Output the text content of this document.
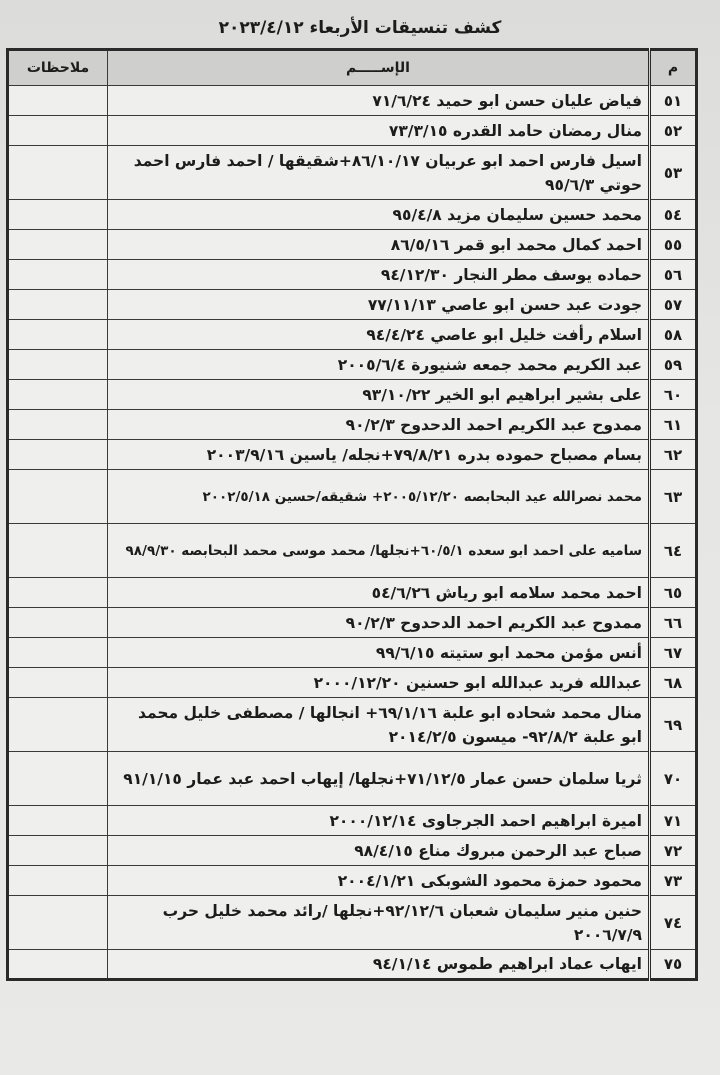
كشف تنسيقات الأربعاء ٢٠٢٣/٤/١٢
م	الإســـــم	ملاحظات
٥١	فياض عليان حسن ابو حميد ٧١/٦/٢٤	
٥٢	منال رمضان حامد القدره ٧٣/٣/١٥	
٥٣	اسيل فارس احمد ابو عربيان ٨٦/١٠/١٧+شقيقها / احمد فارس احمد حوتي ٩٥/٦/٣	
٥٤	محمد حسين سليمان مزيد ٩٥/٤/٨	
٥٥	احمد كمال محمد ابو قمر ٨٦/٥/١٦	
٥٦	حماده يوسف مطر النجار ٩٤/١٢/٣٠	
٥٧	جودت عبد حسن ابو عاصي ٧٧/١١/١٣	
٥٨	اسلام رأفت خليل ابو عاصي ٩٤/٤/٢٤	
٥٩	عبد الكريم محمد جمعه شنيورة ٢٠٠٥/٦/٤	
٦٠	على بشير ابراهيم ابو الخير ٩٣/١٠/٢٢	
٦١	ممدوح عبد الكريم احمد الدحدوح ٩٠/٢/٣	
٦٢	بسام مصباح حموده بدره ٧٩/٨/٢١+نجله/ ياسين ٢٠٠٣/٩/١٦	
٦٣	محمد نصرالله عيد البحابصه ٢٠٠٥/١٢/٢٠+ شقيقه/حسين ٢٠٠٢/٥/١٨	
٦٤	ساميه على احمد ابو سعده ٦٠/٥/١+نجلها/ محمد موسى محمد البحابصه ٩٨/٩/٣٠	
٦٥	احمد محمد سلامه ابو رياش ٥٤/٦/٢٦	
٦٦	ممدوح عبد الكريم احمد الدحدوح ٩٠/٢/٣	
٦٧	أنس مؤمن محمد ابو ستيته ٩٩/٦/١٥	
٦٨	عبدالله فريد عبدالله ابو حسنين ٢٠٠٠/١٢/٢٠	
٦٩	منال محمد شحاده ابو علبة ٦٩/١/١٦+ انجالها / مصطفى خليل محمد ابو علبة ٩٢/٨/٢- ميسون ٢٠١٤/٢/٥	
٧٠	ثريا سلمان حسن عمار ٧١/١٢/٥+نجلها/ إيهاب احمد عبد عمار ٩١/١/١٥	
٧١	اميرة ابراهيم احمد الجرجاوى ٢٠٠٠/١٢/١٤	
٧٢	صباح عبد الرحمن مبروك مناع ٩٨/٤/١٥	
٧٣	محمود حمزة محمود الشوبكى ٢٠٠٤/١/٢١	
٧٤	حنين منير سليمان شعبان ٩٢/١٢/٦+نجلها /رائد محمد خليل حرب ٢٠٠٦/٧/٩	
٧٥	ايهاب عماد ابراهيم طموس ٩٤/١/١٤	
